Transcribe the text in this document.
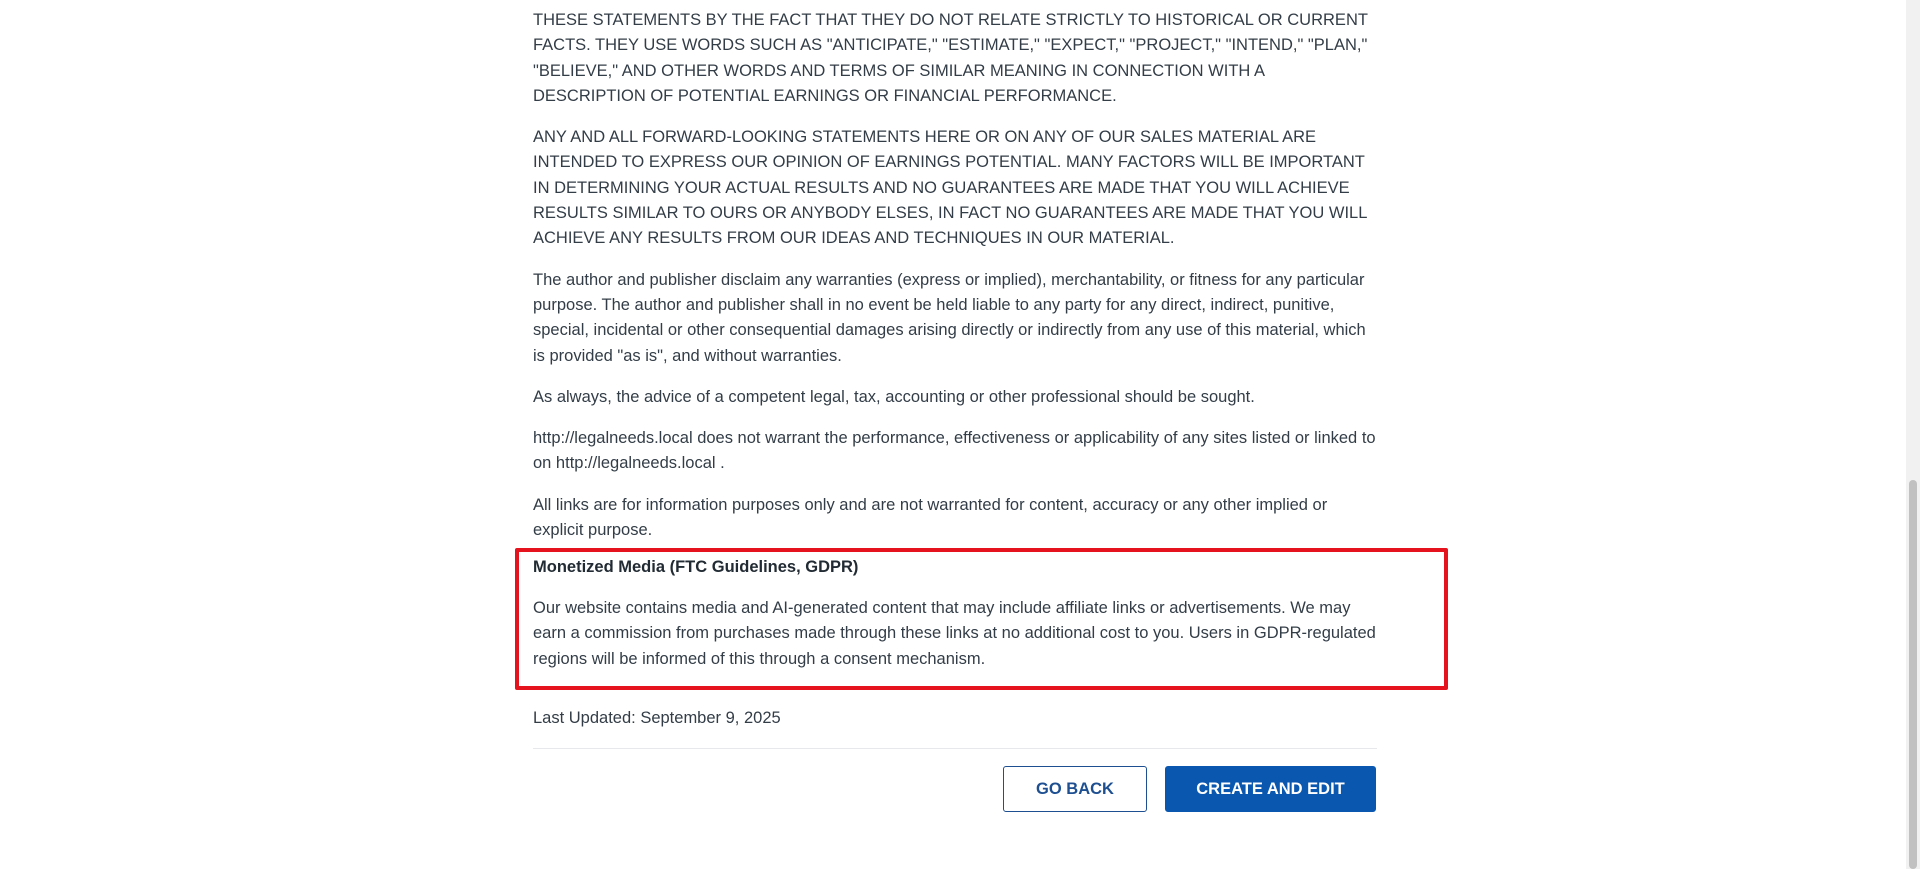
THESE STATEMENTS BY THE FACT THAT THEY DO NOT RELATE STRICTLY TO HISTORICAL OR CURRENT FACTS. THEY USE WORDS SUCH AS "ANTICIPATE," "ESTIMATE," "EXPECT," "PROJECT," "INTEND," "PLAN," "BELIEVE," AND OTHER WORDS AND TERMS OF SIMILAR MEANING IN CONNECTION WITH A DESCRIPTION OF POTENTIAL EARNINGS OR FINANCIAL PERFORMANCE.

ANY AND ALL FORWARD-LOOKING STATEMENTS HERE OR ON ANY OF OUR SALES MATERIAL ARE INTENDED TO EXPRESS OUR OPINION OF EARNINGS POTENTIAL. MANY FACTORS WILL BE IMPORTANT IN DETERMINING YOUR ACTUAL RESULTS AND NO GUARANTEES ARE MADE THAT YOU WILL ACHIEVE RESULTS SIMILAR TO OURS OR ANYBODY ELSES, IN FACT NO GUARANTEES ARE MADE THAT YOU WILL ACHIEVE ANY RESULTS FROM OUR IDEAS AND TECHNIQUES IN OUR MATERIAL.

The author and publisher disclaim any warranties (express or implied), merchantability, or fitness for any particular purpose. The author and publisher shall in no event be held liable to any party for any direct, indirect, punitive, special, incidental or other consequential damages arising directly or indirectly from any use of this material, which is provided "as is", and without warranties.

As always, the advice of a competent legal, tax, accounting or other professional should be sought.

http://legalneeds.local does not warrant the performance, effectiveness or applicability of any sites listed or linked to on http://legalneeds.local .

All links are for information purposes only and are not warranted for content, accuracy or any other implied or explicit purpose.

Monetized Media (FTC Guidelines, GDPR)

Our website contains media and AI-generated content that may include affiliate links or advertisements. We may earn a commission from purchases made through these links at no additional cost to you. Users in GDPR-regulated regions will be informed of this through a consent mechanism.

Last Updated: September 9, 2025
GO BACK	CREATE AND EDIT
